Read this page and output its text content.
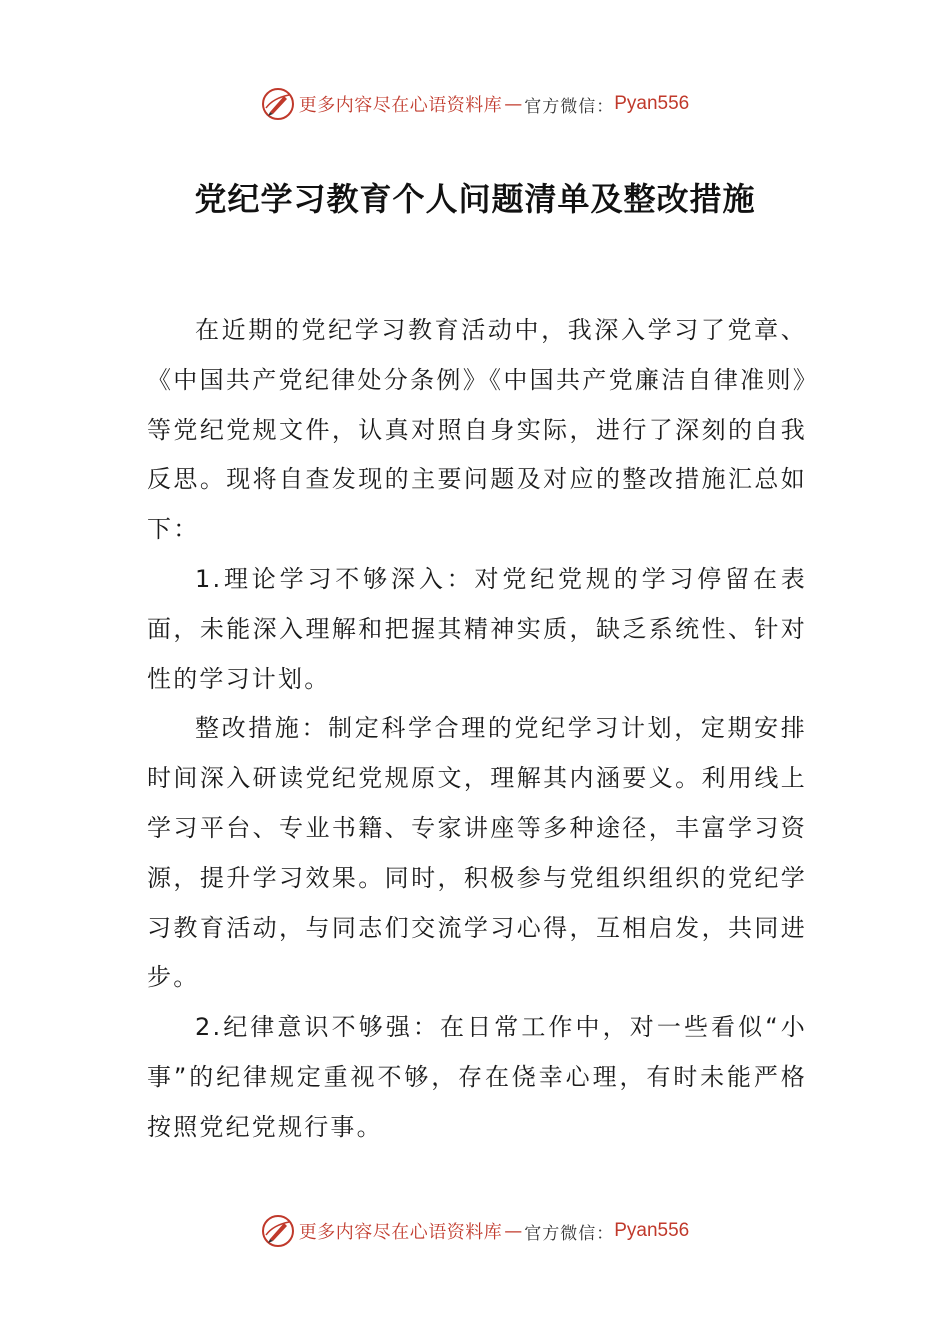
更多内容尽在心语资料库 — 官方微信： Pyan556
党纪学习教育个人问题清单及整改措施

在近期的党纪学习教育活动中，我深入学习了党章、《中国共产党纪律处分条例》《中国共产党廉洁自律准则》等党纪党规文件，认真对照自身实际，进行了深刻的自我反思。现将自查发现的主要问题及对应的整改措施汇总如下：

1.理论学习不够深入：对党纪党规的学习停留在表面，未能深入理解和把握其精神实质，缺乏系统性、针对性的学习计划。

整改措施：制定科学合理的党纪学习计划，定期安排时间深入研读党纪党规原文，理解其内涵要义。利用线上学习平台、专业书籍、专家讲座等多种途径，丰富学习资源，提升学习效果。同时，积极参与党组织组织的党纪学习教育活动，与同志们交流学习心得，互相启发，共同进步。

2.纪律意识不够强：在日常工作中，对一些看似“小事”的纪律规定重视不够，存在侥幸心理，有时未能严格按照党纪党规行事。

更多内容尽在心语资料库 — 官方微信： Pyan556
